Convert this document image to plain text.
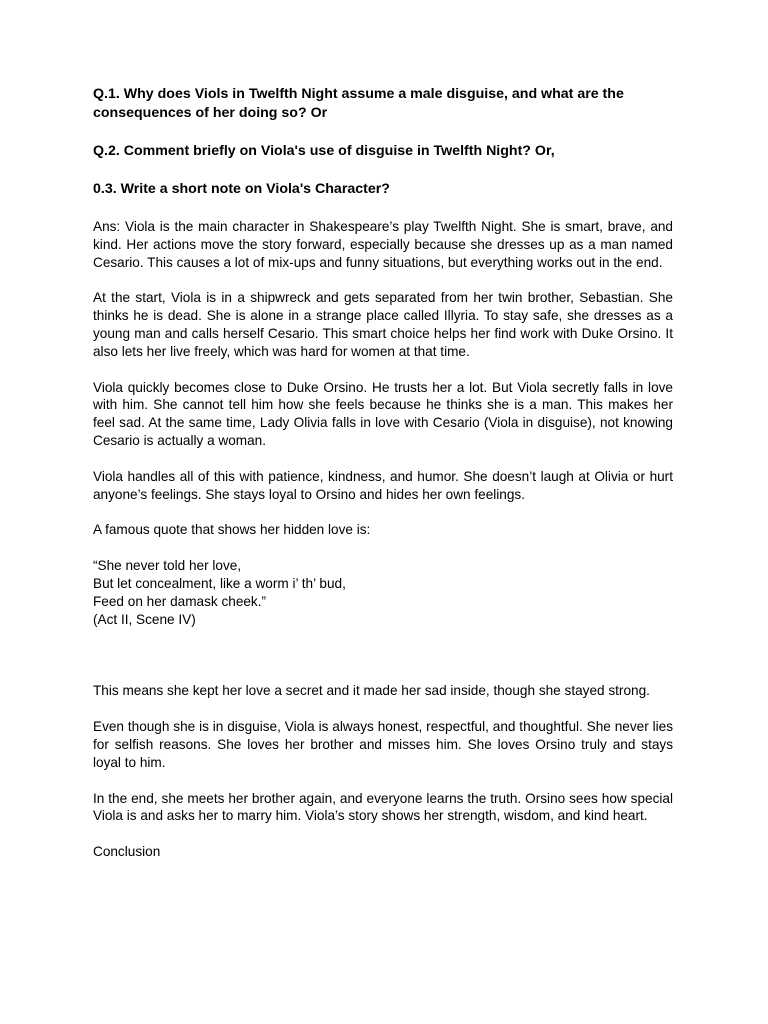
Q.1. Why does Viols in Twelfth Night assume a male disguise, and what are the consequences of her doing so? Or

Q.2. Comment briefly on Viola's use of disguise in Twelfth Night? Or,

0.3. Write a short note on Viola's Character?

Ans: Viola is the main character in Shakespeare’s play Twelfth Night. She is smart, brave, and kind. Her actions move the story forward, especially because she dresses up as a man named Cesario. This causes a lot of mix-ups and funny situations, but everything works out in the end.

At the start, Viola is in a shipwreck and gets separated from her twin brother, Sebastian. She thinks he is dead. She is alone in a strange place called Illyria. To stay safe, she dresses as a young man and calls herself Cesario. This smart choice helps her find work with Duke Orsino. It also lets her live freely, which was hard for women at that time.

Viola quickly becomes close to Duke Orsino. He trusts her a lot. But Viola secretly falls in love with him. She cannot tell him how she feels because he thinks she is a man. This makes her feel sad. At the same time, Lady Olivia falls in love with Cesario (Viola in disguise), not knowing Cesario is actually a woman.

Viola handles all of this with patience, kindness, and humor. She doesn’t laugh at Olivia or hurt anyone’s feelings. She stays loyal to Orsino and hides her own feelings.

A famous quote that shows her hidden love is:

“She never told her love,
But let concealment, like a worm i’ th’ bud,
Feed on her damask cheek.”
(Act II, Scene IV)

This means she kept her love a secret and it made her sad inside, though she stayed strong.

Even though she is in disguise, Viola is always honest, respectful, and thoughtful. She never lies for selfish reasons. She loves her brother and misses him. She loves Orsino truly and stays loyal to him.

In the end, she meets her brother again, and everyone learns the truth. Orsino sees how special Viola is and asks her to marry him. Viola’s story shows her strength, wisdom, and kind heart.

Conclusion
